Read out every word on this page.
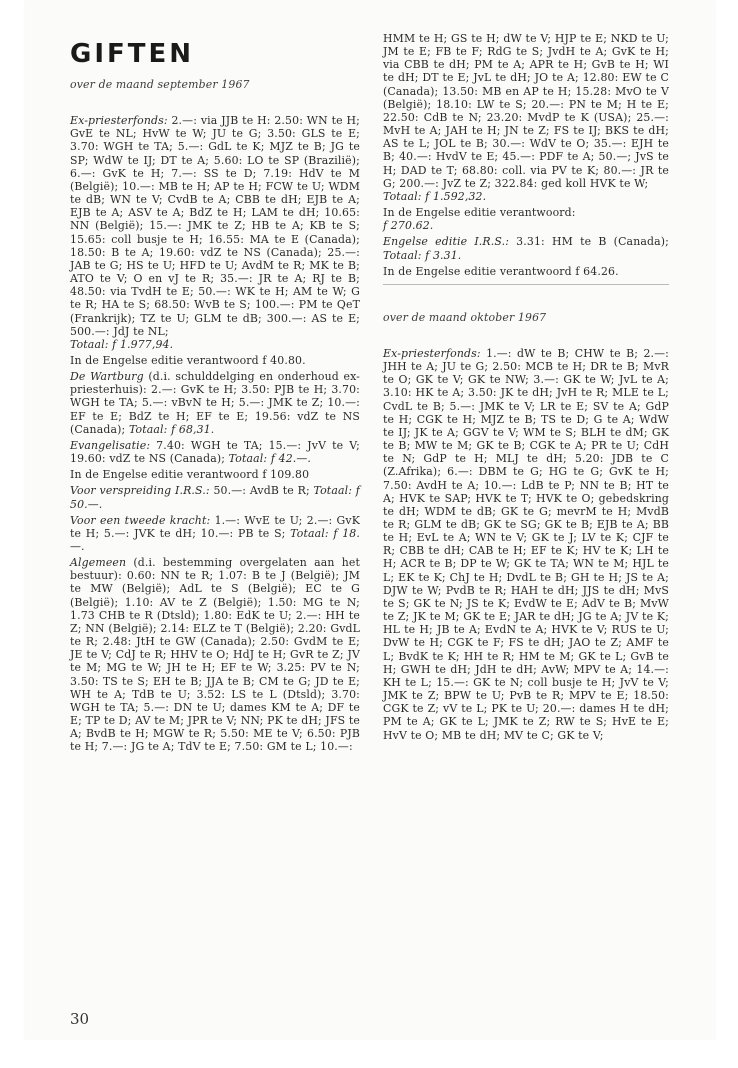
GIFTEN
over de maand september 1967
Ex-priesterfonds: 2.—: via JJB te H: 2.50: WN te H; GvE te NL; HvW te W; JU te G; 3.50: GLS te E; 3.70: WGH te TA; 5.—: GdL te K; MJZ te B; JG te SP; WdW te IJ; DT te A; 5.60: LO te SP (Brazilië); 6.—: GvK te H; 7.—: SS te D; 7.19: HdV te M (België); 10.—: MB te H; AP te H; FCW te U; WDM te dB; WN te V; CvdB te A; CBB te dH; EJB te A; EJB te A; ASV te A; BdZ te H; LAM te dH; 10.65: NN (België); 15.—: JMK te Z; HB te A; KB te S; 15.65: coll busje te H; 16.55: MA te E (Canada); 18.50: B te A; 19.60: vdZ te NS (Canada); 25.—: JAB te G; HS te U; HFD te U; AvdM te R; MK te B; ATO te V; O en vJ te R; 35.—: JR te A; RJ te B; 48.50: via TvdH te E; 50.—: WK te H; AM te W; G te R; HA te S; 68.50: WvB te S; 100.—: PM te QeT (Frankrijk); TZ te U; GLM te dB; 300.—: AS te E; 500.—: JdJ te NL;
Totaal: f 1.977,94.
In de Engelse editie verantwoord f 40.80.
De Wartburg (d.i. schulddelging en onderhoud ex-priesterhuis): 2.—: GvK te H; 3.50: PJB te H; 3.70: WGH te TA; 5.—: vBvN te H; 5.—: JMK te Z; 10.—: EF te E; BdZ te H; EF te E; 19.56: vdZ te NS (Canada); Totaal: f 68,31.
Evangelisatie: 7.40: WGH te TA; 15.—: JvV te V; 19.60: vdZ te NS (Canada); Totaal: f 42.—.
In de Engelse editie verantwoord f 109.80
Voor verspreiding I.R.S.: 50.—: AvdB te R; Totaal: f 50.—.
Voor een tweede kracht: 1.—: WvE te U; 2.—: GvK te H; 5.—: JVK te dH; 10.—: PB te S; Totaal: f 18.—.
Algemeen (d.i. bestemming overgelaten aan het bestuur): 0.60: NN te R; 1.07: B te J (België); JM te MW (België); AdL te S (België); EC te G (België); 1.10: AV te Z (België); 1.50: MG te N; 1.73 CHB te R (Dtsld); 1.80: EdK te U; 2.—: HH te Z; NN (België); 2.14: ELZ te T (België); 2.20: GvdL te R; 2.48: JtH te GW (Canada); 2.50: GvdM te E; JE te V; CdJ te R; HHV te O; HdJ te H; GvR te Z; JV te M; MG te W; JH te H; EF te W; 3.25: PV te N; 3.50: TS te S; EH te B; JJA te B; CM te G; JD te E; WH te A; TdB te U; 3.52: LS te L (Dtsld); 3.70: WGH te TA; 5.—: DN te U; dames KM te A; DF te E; TP te D; AV te M; JPR te V; NN; PK te dH; JFS te A; BvdB te H; MGW te R; 5.50: ME te V; 6.50: PJB te H; 7.—: JG te A; TdV te E; 7.50: GM te L; 10.—:
HMM te H; GS te H; dW te V; HJP te E; NKD te U; JM te E; FB te F; RdG te S; JvdH te A; GvK te H; via CBB te dH; PM te A; APR te H; GvB te H; WI te dH; DT te E; JvL te dH; JO te A; 12.80: EW te C (Canada); 13.50: MB en AP te H; 15.28: MvO te V (België); 18.10: LW te S; 20.—: PN te M; H te E; 22.50: CdB te N; 23.20: MvdP te K (USA); 25.—: MvH te A; JAH te H; JN te Z; FS te IJ; BKS te dH; AS te L; JOL te B; 30.—: WdV te O; 35.—: EJH te B; 40.—: HvdV te E; 45.—: PDF te A; 50.—; JvS te H; DAD te T; 68.80: coll. via PV te K; 80.—: JR te G; 200.—: JvZ te Z; 322.84: ged koll HVK te W;
Totaal: f 1.592,32.
In de Engelse editie verantwoord:
f 270.62.
Engelse editie I.R.S.: 3.31: HM te B (Canada); Totaal: f 3.31.
In de Engelse editie verantwoord f 64.26.
over de maand oktober 1967
Ex-priesterfonds: 1.—: dW te B; CHW te B; 2.—: JHH te A; JU te G; 2.50: MCB te H; DR te B; MvR te O; GK te V; GK te NW; 3.—: GK te W; JvL te A; 3.10: HK te A; 3.50: JK te dH; JvH te R; MLE te L; CvdL te B; 5.—: JMK te V; LR te E; SV te A; GdP te H; CGK te H; MJZ te B; TS te D; G te A; WdW te IJ; JK te A; GGV te V; WM te S; BLH te dM; GK te B; MW te M; GK te B; CGK te A; PR te U; CdH te N; GdP te H; MLJ te dH; 5.20: JDB te C (Z.Afrika); 6.—: DBM te G; HG te G; GvK te H; 7.50: AvdH te A; 10.—: LdB te P; NN te B; HT te A; HVK te SAP; HVK te T; HVK te O; gebedskring te dH; WDM te dB; GK te G; mevrM te H; MvdB te R; GLM te dB; GK te SG; GK te B; EJB te A; BB te H; EvL te A; WN te V; GK te J; LV te K; CJF te R; CBB te dH; CAB te H; EF te K; HV te K; LH te H; ACR te B; DP te W; GK te TA; WN te M; HJL te L; EK te K; ChJ te H; DvdL te B; GH te H; JS te A; DJW te W; PvdB te R; HAH te dH; JJS te dH; MvS te S; GK te N; JS te K; EvdW te E; AdV te B; MvW te Z; JK te M; GK te E; JAR te dH; JG te A; JV te K; HL te H; JB te A; EvdN te A; HVK te V; RUS te U; DvW te H; CGK te F; FS te dH; JAO te Z; AMF te L; BvdK te K; HH te R; HM te M; GK te L; GvB te H; GWH te dH; JdH te dH; AvW; MPV te A; 14.—: KH te L; 15.—: GK te N; coll busje te H; JvV te V; JMK te Z; BPW te U; PvB te R; MPV te E; 18.50: CGK te Z; vV te L; PK te U; 20.—: dames H te dH; PM te A; GK te L; JMK te Z; RW te S; HvE te E; HvV te O; MB te dH; MV te C; GK te V;
30
